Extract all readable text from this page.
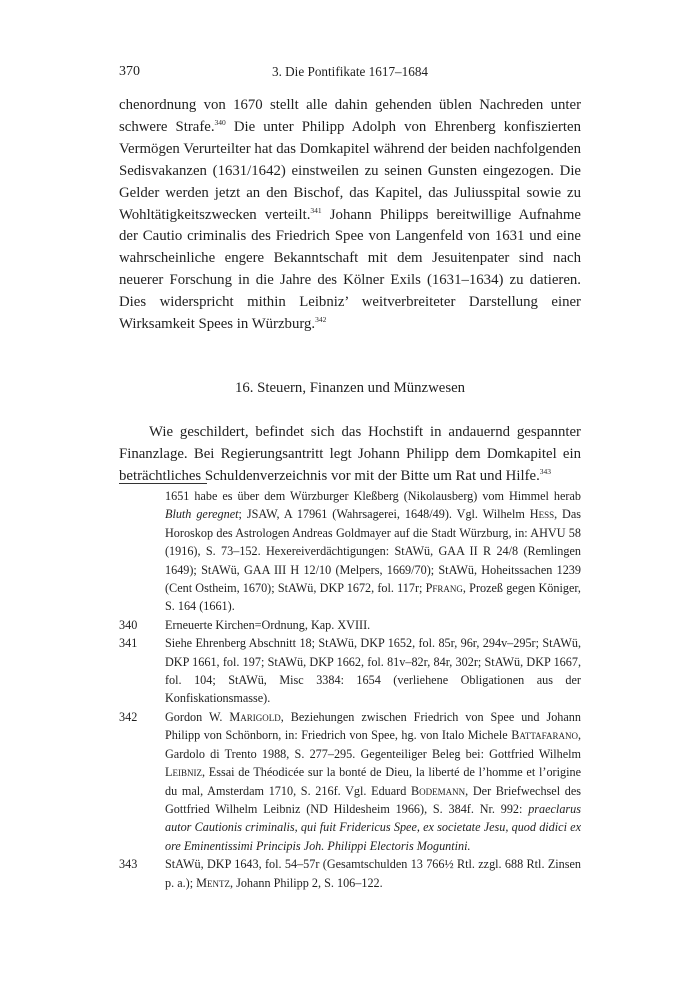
370	3. Die Pontifikate 1617–1684

chenordnung von 1670 stellt alle dahin gehenden üblen Nachreden unter schwere Strafe.$^{340}$ Die unter Philipp Adolph von Ehrenberg konfiszierten Vermögen Verurteilter hat das Domkapitel während der beiden nachfolgenden Sedisvakanzen (1631/1642) einstweilen zu seinen Gunsten eingezogen. Die Gelder werden jetzt an den Bischof, das Kapitel, das Juliusspital sowie zu Wohltätigkeitszwecken verteilt.$^{341}$ Johann Philipps bereitwillige Aufnahme der Cautio criminalis des Friedrich Spee von Langenfeld von 1631 und eine wahrscheinliche engere Bekanntschaft mit dem Jesuitenpater sind nach neuerer Forschung in die Jahre des Kölner Exils (1631–1634) zu datieren. Dies widerspricht mithin Leibniz’ weitverbreiteter Darstellung einer Wirksamkeit Spees in Würzburg.$^{342}$

16. Steuern, Finanzen und Münzwesen

Wie geschildert, befindet sich das Hochstift in andauernd gespannter Finanzlage. Bei Regierungsantritt legt Johann Philipp dem Domkapitel ein beträchtliches Schuldenverzeichnis vor mit der Bitte um Rat und Hilfe.$^{343}$

1651 habe es über dem Würzburger Kleßberg (Nikolausberg) vom Himmel herab Bluth geregnet; JSAW, A 17961 (Wahrsagerei, 1648/49). Vgl. Wilhelm Hess, Das Horoskop des Astrologen Andreas Goldmayer auf die Stadt Würzburg, in: AHVU 58 (1916), S. 73–152. Hexereiverdächtigungen: StAWü, GAA II R 24/8 (Remlingen 1649); StAWü, GAA III H 12/10 (Melpers, 1669/70); StAWü, Hoheitssachen 1239 (Cent Ostheim, 1670); StAWü, DKP 1672, fol. 117r; Pfrang, Prozeß gegen Königer, S. 164 (1661).
340 Erneuerte Kirchen=Ordnung, Kap. XVIII.
341 Siehe Ehrenberg Abschnitt 18; StAWü, DKP 1652, fol. 85r, 96r, 294v–295r; StAWü, DKP 1661, fol. 197; StAWü, DKP 1662, fol. 81v–82r, 84r, 302r; StAWü, DKP 1667, fol. 104; StAWü, Misc 3384: 1654 (verliehene Obligationen aus der Konfiskationsmasse).
342 Gordon W. Marigold, Beziehungen zwischen Friedrich von Spee und Johann Philipp von Schönborn, in: Friedrich von Spee, hg. von Italo Michele Battafarano, Gardolo di Trento 1988, S. 277–295. Gegenteiliger Beleg bei: Gottfried Wilhelm Leibniz, Essai de Théodicée sur la bonté de Dieu, la liberté de l’homme et l’origine du mal, Amsterdam 1710, S. 216f. Vgl. Eduard Bodemann, Der Briefwechsel des Gottfried Wilhelm Leibniz (ND Hildesheim 1966), S. 384f. Nr. 992: praeclarus autor Cautionis criminalis, qui fuit Fridericus Spee, ex societate Jesu, quod didici ex ore Eminentissimi Principis Joh. Philippi Electoris Moguntini.
343 StAWü, DKP 1643, fol. 54–57r (Gesamtschulden 13 766½ Rtl. zzgl. 688 Rtl. Zinsen p. a.); Mentz, Johann Philipp 2, S. 106–122.
